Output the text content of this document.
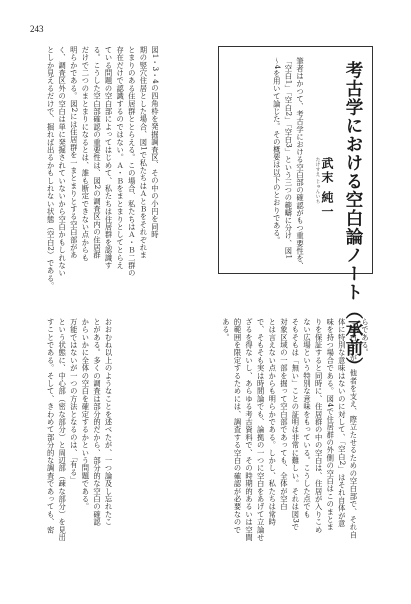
243

考古学における空白論ノート（承前）

たけすえ じゅんいち 武末 純一

筆者はかつて、考古学における空白部の確認がもつ重要性を、
「空白1」「空白2」「空白3」という三つの範疇に分け、図1
〜4を用いて論じた。その概要は以下のとおりである。

図1・3・4の四角枠を発掘調査区、その中の小円を同時
期の竪穴住居とした場合、図1で私たちはＡとＢをそれぞれま
とまりのある住居群ととらえる。この場合、私たちはＡ・Ｂ二群の
存在だけで認識するのではない。Ａ・Ｂをまとまりとしてとらえ
ている問題の空白部によってはじめて、私たちは住居群を認識す
る。こうした空白部確認の重要性は、図2の調査区内の住居群
だけで二つのまとまりになるとは、誰も断定できない点からも
明らかである。図2には住居群を一まとまりとする空白部があ
く、調査区外の空白は単に発掘されていないから空白かもしれない
としか見えるだけで、掘れば出るかもしれない状態（空白2）である。

らである。
「空白1」が、他者を支え、際立たせるための空白部で、それ自
体に特別な意味はないのに対して、「空白2」はそれ自体が意
味を持つ場合である。図4で住居群の外側の空白はこのまとま
りを保証すると同時に、住居群の中の空白は、住居が入りこめ
ない広場という特別な意味をもっている。こうした点でも
そもそもは「無い」ことの証明は非常に難しい。それは図3で
対象区域の一部を掘って空白部であっても、全体が空白
とは言えない点からも明らかである。しかし、私たちは常時
で、そもそも実は時間論でも、論拠の一つに空白をあげて立論せ
ざるを得ないし、あらゆる考古資料で、その時期的あるいは空間
的範囲を限定するためには、調査する空白の確認が必要なので
ある。

おおむね以上のようなことを述べたが、一つ論及し忘れたこ
とがある。多くの調査は部分的だから、部分的な空白の確認
からいかに全体の空白を確定するかという問題である。
万能ではないが一つの方法となるのは、「有る」
という状態に、中心部（密な部分）と周辺部（疎な部分）を見出
すことである。そして、きわめて部分的な調査であっても、密
